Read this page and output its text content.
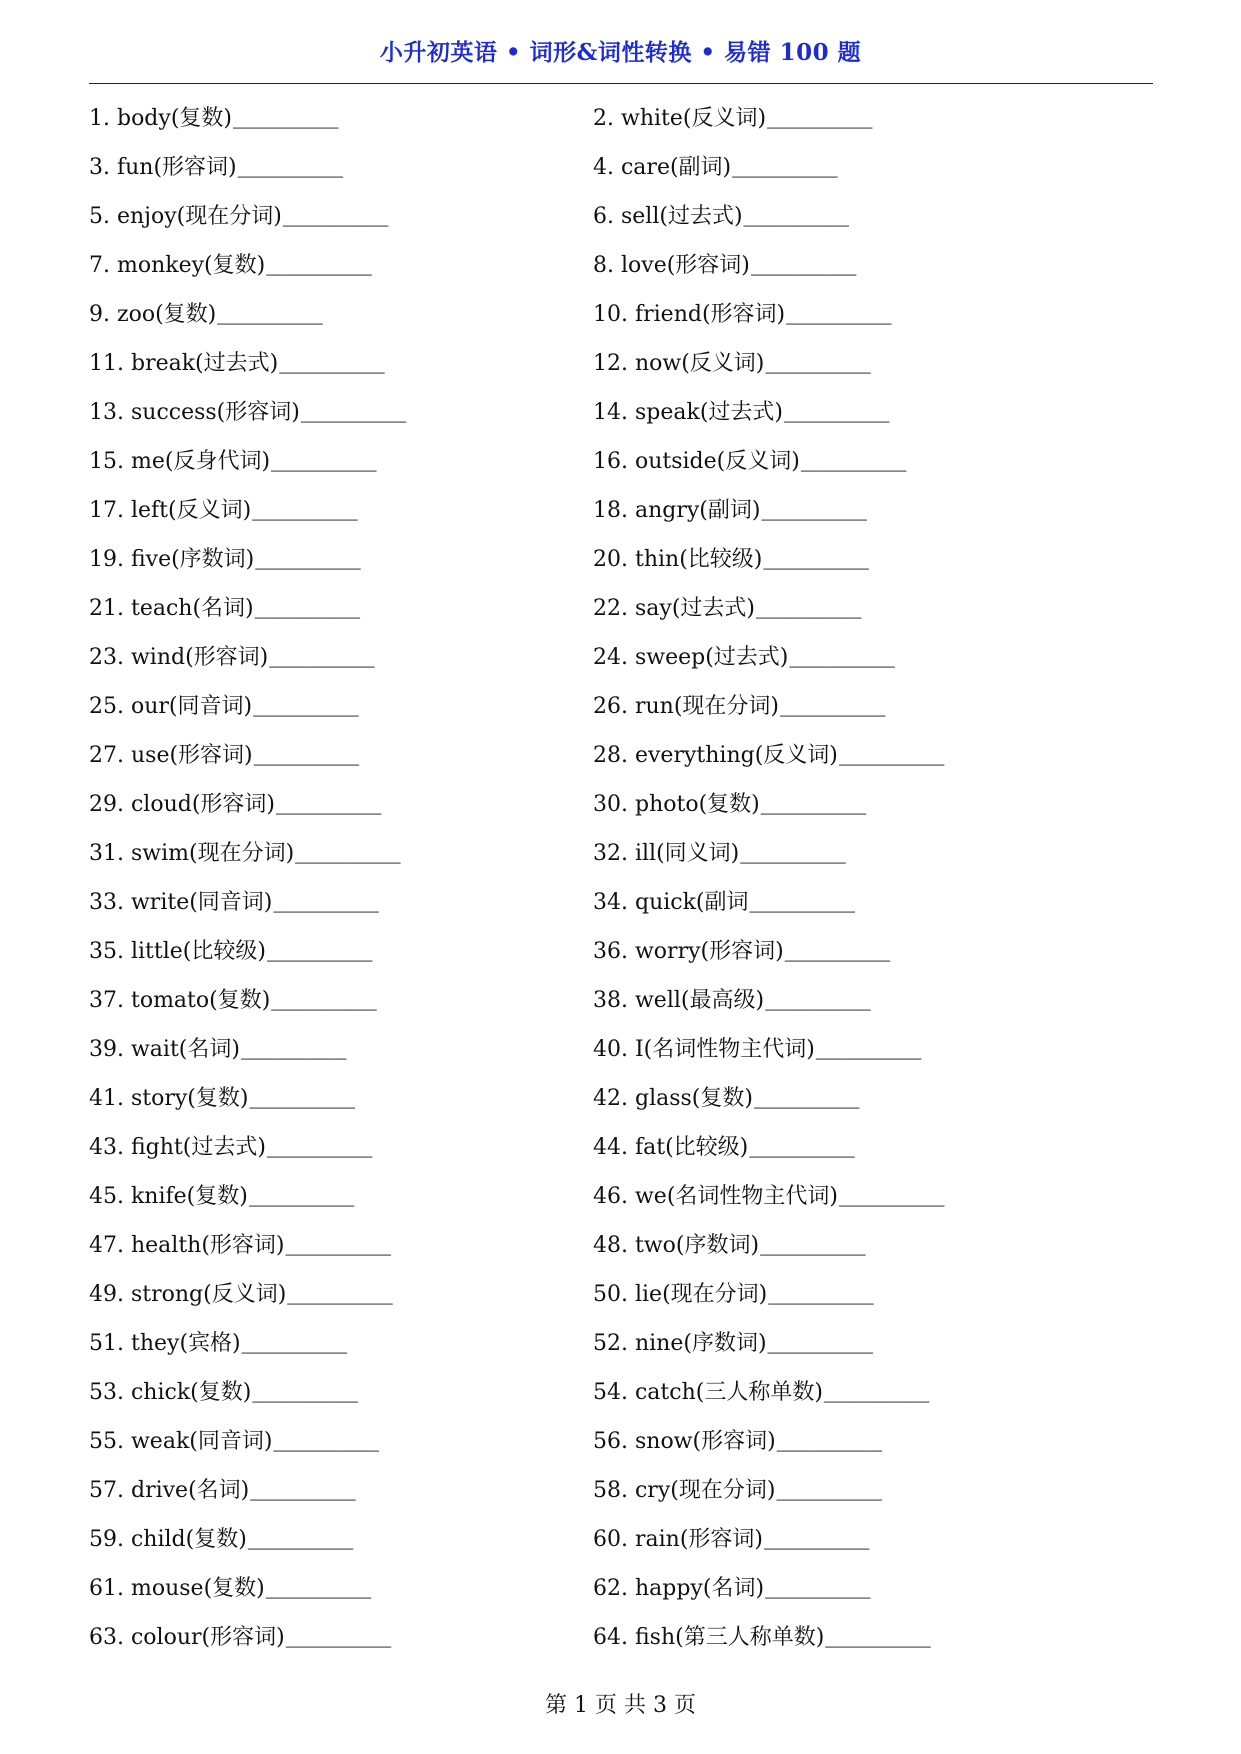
小升初英语 • 词形&词性转换 • 易错 100 题
1. body(复数) __________	2. white(反义词) __________
3. fun(形容词) __________	4. care(副词) __________
5. enjoy(现在分词) __________	6. sell(过去式) __________
7. monkey(复数) __________	8. love(形容词) __________
9. zoo(复数) __________	10. friend(形容词) __________
11. break(过去式) __________	12. now(反义词) __________
13. success(形容词) __________	14. speak(过去式) __________
15. me(反身代词) __________	16. outside(反义词) __________
17. left(反义词) __________	18. angry(副词) __________
19. five(序数词) __________	20. thin(比较级) __________
21. teach(名词) __________	22. say(过去式) __________
23. wind(形容词) __________	24. sweep(过去式) __________
25. our(同音词) __________	26. run(现在分词) __________
27. use(形容词) __________	28. everything(反义词) __________
29. cloud(形容词) __________	30. photo(复数) __________
31. swim(现在分词) __________	32. ill(同义词) __________
33. write(同音词) __________	34. quick(副词 __________
35. little(比较级) __________	36. worry(形容词) __________
37. tomato(复数) __________	38. well(最高级) __________
39. wait(名词) __________	40. I(名词性物主代词) __________
41. story(复数) __________	42. glass(复数) __________
43. fight(过去式) __________	44. fat(比较级) __________
45. knife(复数) __________	46. we(名词性物主代词) __________
47. health(形容词) __________	48. two(序数词) __________
49. strong(反义词) __________	50. lie(现在分词) __________
51. they(宾格) __________	52. nine(序数词) __________
53. chick(复数) __________	54. catch(三人称单数) __________
55. weak(同音词) __________	56. snow(形容词) __________
57. drive(名词) __________	58. cry(现在分词) __________
59. child(复数) __________	60. rain(形容词) __________
61. mouse(复数) __________	62. happy(名词) __________
63. colour(形容词) __________	64. fish(第三人称单数) __________
第 1 页 共 3 页
